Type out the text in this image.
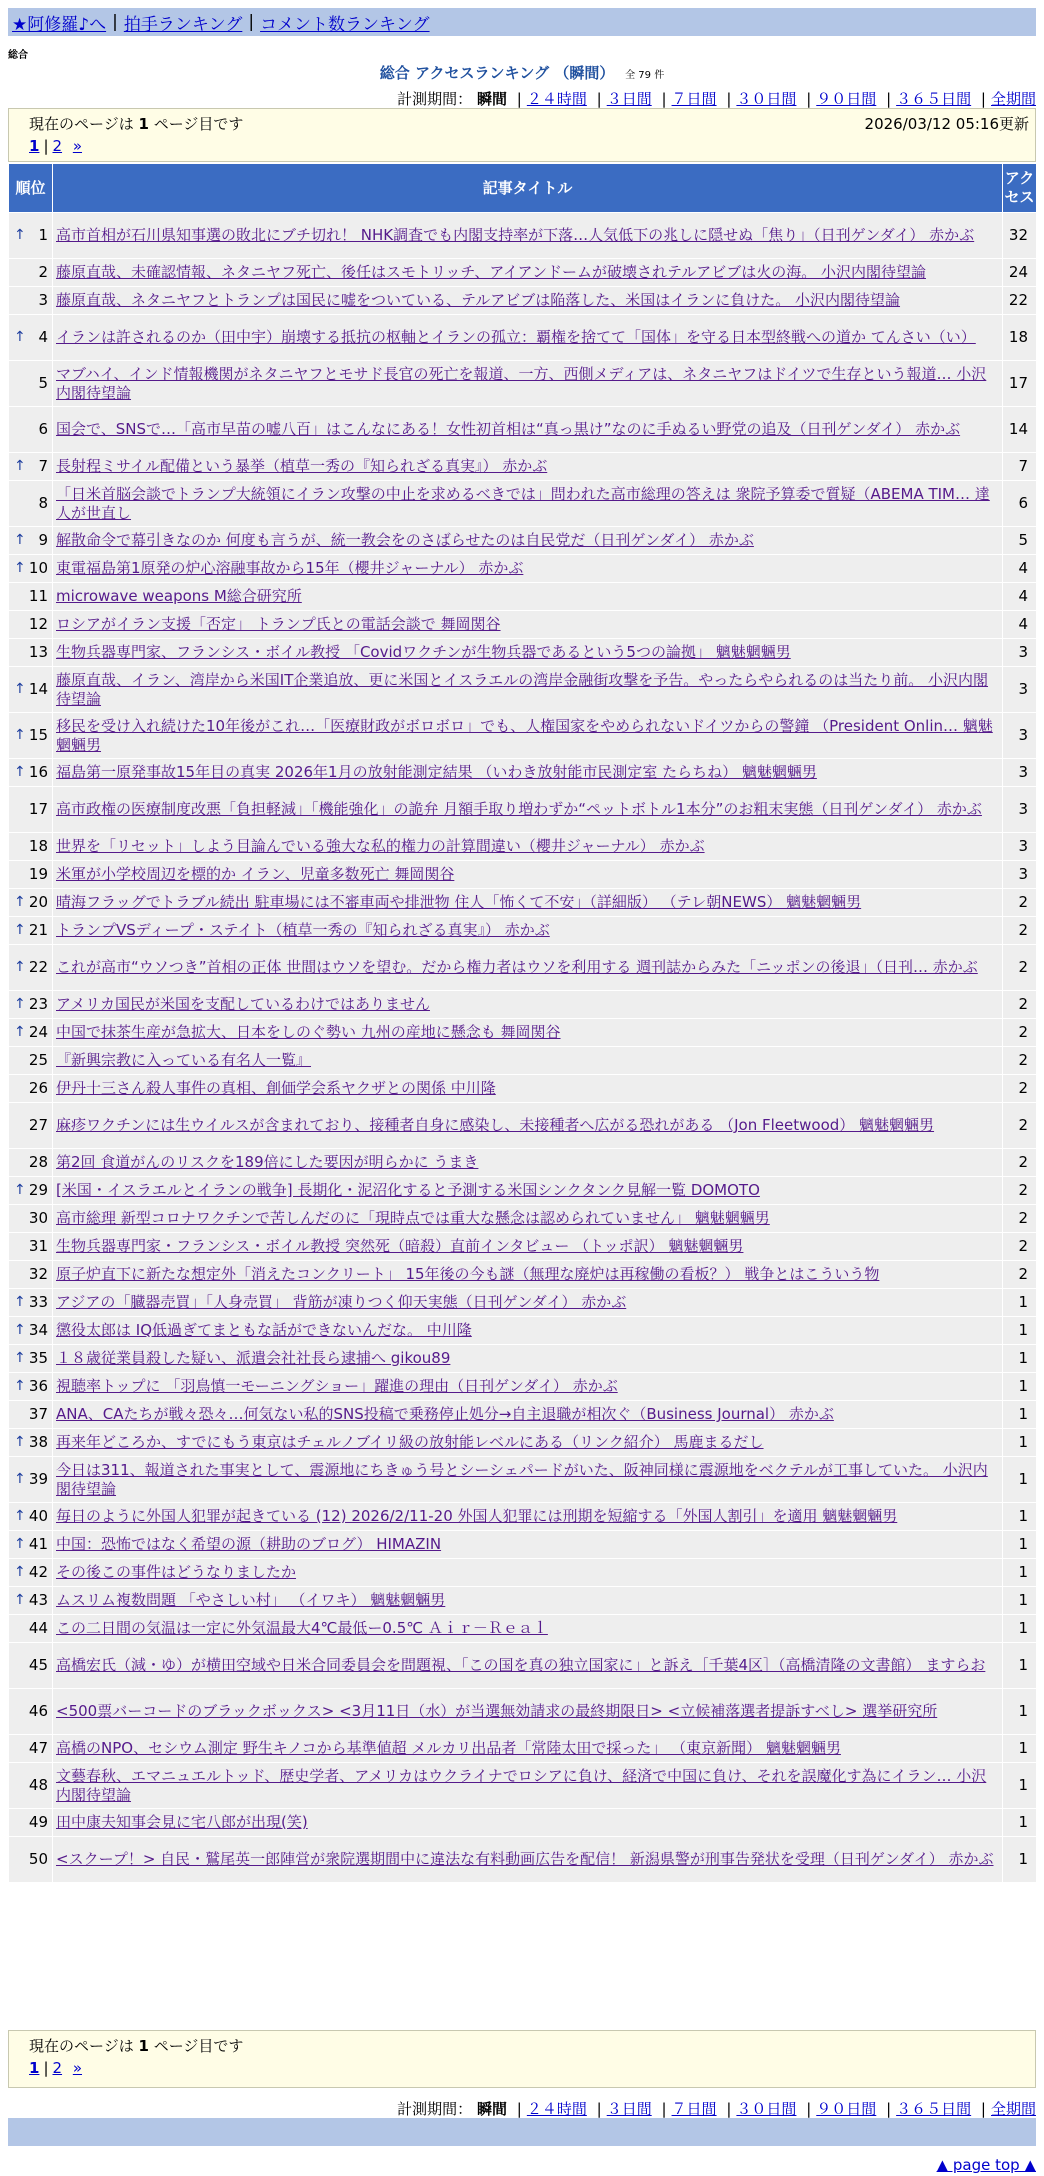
★阿修羅♪へ | 拍手ランキング | コメント数ランキング
総合
総合 アクセスランキング （瞬間） 全 79 件
計測期間： 瞬間 | ２４時間 | ３日間 | ７日間 | ３０日間 | ９０日間 | ３６５日間 | 全期間
現在のページは 1 ページ目です	2026/03/12 05:16更新
1 | 2 »
順位	記事タイトル	アクセス

↑ 1	高市首相が石川県知事選の敗北にブチ切れ！ NHK調査でも内閣支持率が下落…人気低下の兆しに隠せぬ「焦り」（日刊ゲンダイ） 赤かぶ	32
2	藤原直哉、未確認情報、ネタニヤフ死亡、後任はスモトリッチ、アイアンドームが破壊されテルアビブは火の海。 小沢内閣待望論	24
3	藤原直哉、ネタニヤフとトランプは国民に嘘をついている、テルアビブは陥落した、米国はイランに負けた。 小沢内閣待望論	22

↑ 4	イランは許されるのか（田中宇）崩壊する抵抗の枢軸とイランの孤立：覇権を捨てて「国体」を守る日本型終戦への道か てんさい（い）	18
5	マブハイ、インド情報機関がネタニヤフとモサド長官の死亡を報道、一方、西側メディアは、ネタニヤフはドイツで生存という報道… 小沢内閣待望論	17
6	国会で、SNSで…「高市早苗の嘘八百」はこんなにある！女性初首相は“真っ黒け”なのに手ぬるい野党の追及（日刊ゲンダイ） 赤かぶ	14

↑ 7	長射程ミサイル配備という暴挙（植草一秀の『知られざる真実』） 赤かぶ	7
8	「日米首脳会談でトランプ大統領にイラン攻撃の中止を求めるべきでは」問われた高市総理の答えは 衆院予算委で質疑（ABEMA TIM… 達人が世直し	6

↑ 9	解散命令で幕引きなのか 何度も言うが、統一教会をのさばらせたのは自民党だ（日刊ゲンダイ） 赤かぶ	5

↑ 10	東電福島第1原発の炉心溶融事故から15年（櫻井ジャーナル） 赤かぶ	4
11	microwave weapons M総合研究所	4
12	ロシアがイラン支援「否定」 トランプ氏との電話会談で 舞岡関谷	4
13	生物兵器専門家、フランシス・ボイル教授 「Covidワクチンが生物兵器であるという5つの論拠」 魑魅魍魎男	3

↑ 14	藤原直哉、イラン、湾岸から米国IT企業追放、更に米国とイスラエルの湾岸金融街攻撃を予告。やったらやられるのは当たり前。 小沢内閣待望論	3

↑ 15	移民を受け入れ続けた10年後がこれ…「医療財政がボロボロ」でも、人権国家をやめられないドイツからの警鐘 （President Onlin… 魑魅魍魎男	3

↑ 16	福島第一原発事故15年目の真実 2026年1月の放射能測定結果 （いわき放射能市民測定室 たらちね） 魑魅魍魎男	3
17	高市政権の医療制度改悪「負担軽減」「機能強化」の詭弁 月額手取り増わずか“ペットボトル1本分”のお粗末実態（日刊ゲンダイ） 赤かぶ	3
18	世界を「リセット」しよう目論んでいる強大な私的権力の計算間違い（櫻井ジャーナル） 赤かぶ	3
19	米軍が小学校周辺を標的か イラン、児童多数死亡 舞岡関谷	3

↑ 20	晴海フラッグでトラブル続出 駐車場には不審車両や排泄物 住人「怖くて不安」（詳細版） （テレ朝NEWS） 魑魅魍魎男	2

↑ 21	トランプVSディープ・ステイト（植草一秀の『知られざる真実』） 赤かぶ	2

↑ 22	これが高市“ウソつき”首相の正体 世間はウソを望む。だから権力者はウソを利用する 週刊誌からみた「ニッポンの後退」（日刊… 赤かぶ	2

↑ 23	アメリカ国民が米国を支配しているわけではありません	2

↑ 24	中国で抹茶生産が急拡大、日本をしのぐ勢い 九州の産地に懸念も 舞岡関谷	2
25	『新興宗教に入っている有名人一覧』	2
26	伊丹十三さん殺人事件の真相、創価学会系ヤクザとの関係 中川隆	2
27	麻疹ワクチンには生ウイルスが含まれており、接種者自身に感染し、未接種者へ広がる恐れがある （Jon Fleetwood） 魑魅魍魎男	2
28	第2回 食道がんのリスクを189倍にした要因が明らかに うまき	2

↑ 29	[米国・イスラエルとイランの戦争] 長期化・泥沼化すると予測する米国シンクタンク見解一覧 DOMOTO	2
30	高市総理 新型コロナワクチンで苦しんだのに「現時点では重大な懸念は認められていません」 魑魅魍魎男	2
31	生物兵器専門家・フランシス・ボイル教授 突然死（暗殺）直前インタビュー （トッポ訳） 魑魅魍魎男	2
32	原子炉直下に新たな想定外「消えたコンクリート」 15年後の今も謎（無理な廃炉は再稼働の看板？） 戦争とはこういう物	2

↑ 33	アジアの「臓器売買」「人身売買」 背筋が凍りつく仰天実態（日刊ゲンダイ） 赤かぶ	1

↑ 34	懲役太郎は IQ低過ぎてまともな話ができないんだな。 中川隆	1

↑ 35	１８歳従業員殺した疑い、派遣会社社長ら逮捕へ gikou89	1

↑ 36	視聴率トップに 「羽鳥慎一モーニングショー」躍進の理由（日刊ゲンダイ） 赤かぶ	1
37	ANA、CAたちが戦々恐々…何気ない私的SNS投稿で乗務停止処分→自主退職が相次ぐ（Business Journal） 赤かぶ	1

↑ 38	再来年どころか、すでにもう東京はチェルノブイリ級の放射能レベルにある（リンク紹介） 馬鹿まるだし	1

↑ 39	今日は311、報道された事実として、震源地にちきゅう号とシーシェパードがいた、阪神同様に震源地をベクテルが工事していた。 小沢内閣待望論	1

↑ 40	毎日のように外国人犯罪が起きている (12) 2026/2/11-20 外国人犯罪には刑期を短縮する「外国人割引」を適用 魑魅魍魎男	1

↑ 41	中国：恐怖ではなく希望の源（耕助のブログ） HIMAZIN	1

↑ 42	その後この事件はどうなりましたか	1

↑ 43	ムスリム複数問題 「やさしい村」 （イワキ） 魑魅魍魎男	1
44	この二日間の気温は一定に外気温最大4℃最低ー0.5℃ Ａｉｒ－Ｒｅａｌ	1
45	高橋宏氏（減・ゆ）が横田空域や日米合同委員会を問題視、「この国を真の独立国家に」と訴え［千葉4区］（高橋清隆の文書館） ますらお	1
46	<500票バーコードのブラックボックス> <3月11日（水）が当選無効請求の最終期限日> <立候補落選者提訴すべし> 選挙研究所	1
47	高橋のNPO、セシウム測定 野生キノコから基準値超 メルカリ出品者「常陸太田で採った」 （東京新聞） 魑魅魍魎男	1
48	文藝春秋、エマニュエルトッド、歴史学者、アメリカはウクライナでロシアに負け、経済で中国に負け、それを誤魔化す為にイラン… 小沢内閣待望論	1
49	田中康夫知事会見に宅八郎が出現(笑)	1
50	<スクープ！> 自民・鷲尾英一郎陣営が衆院選期間中に違法な有料動画広告を配信！ 新潟県警が刑事告発状を受理（日刊ゲンダイ） 赤かぶ	1
現在のページは 1 ページ目です
1 | 2 »
計測期間： 瞬間 | ２４時間 | ３日間 | ７日間 | ３０日間 | ９０日間 | ３６５日間 | 全期間
▲ page top ▲
